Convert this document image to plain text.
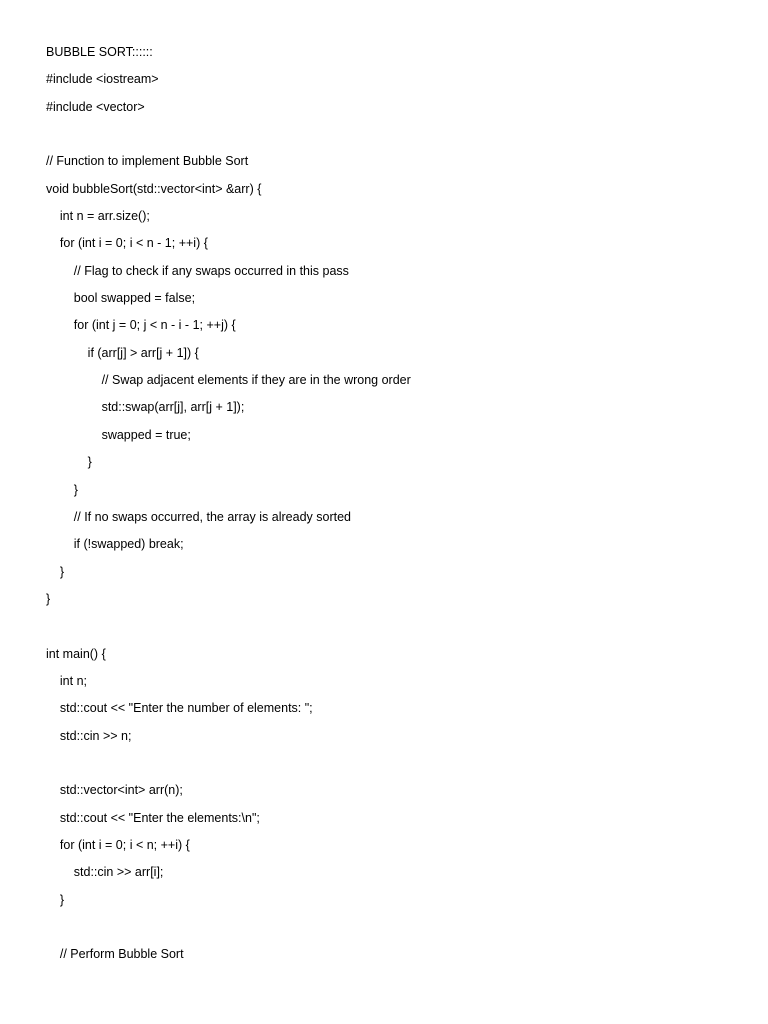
BUBBLE SORT::::::
#include <iostream>
#include <vector>
// Function to implement Bubble Sort
void bubbleSort(std::vector<int> &arr) {
int n = arr.size();
for (int i = 0; i < n - 1; ++i) {
// Flag to check if any swaps occurred in this pass
bool swapped = false;
for (int j = 0; j < n - i - 1; ++j) {
if (arr[j] > arr[j + 1]) {
// Swap adjacent elements if they are in the wrong order
std::swap(arr[j], arr[j + 1]);
swapped = true;
}
}
// If no swaps occurred, the array is already sorted
if (!swapped) break;
}
}
int main() {
int n;
std::cout << "Enter the number of elements: ";
std::cin >> n;
std::vector<int> arr(n);
std::cout << "Enter the elements:\n";
for (int i = 0; i < n; ++i) {
std::cin >> arr[i];
}
// Perform Bubble Sort
